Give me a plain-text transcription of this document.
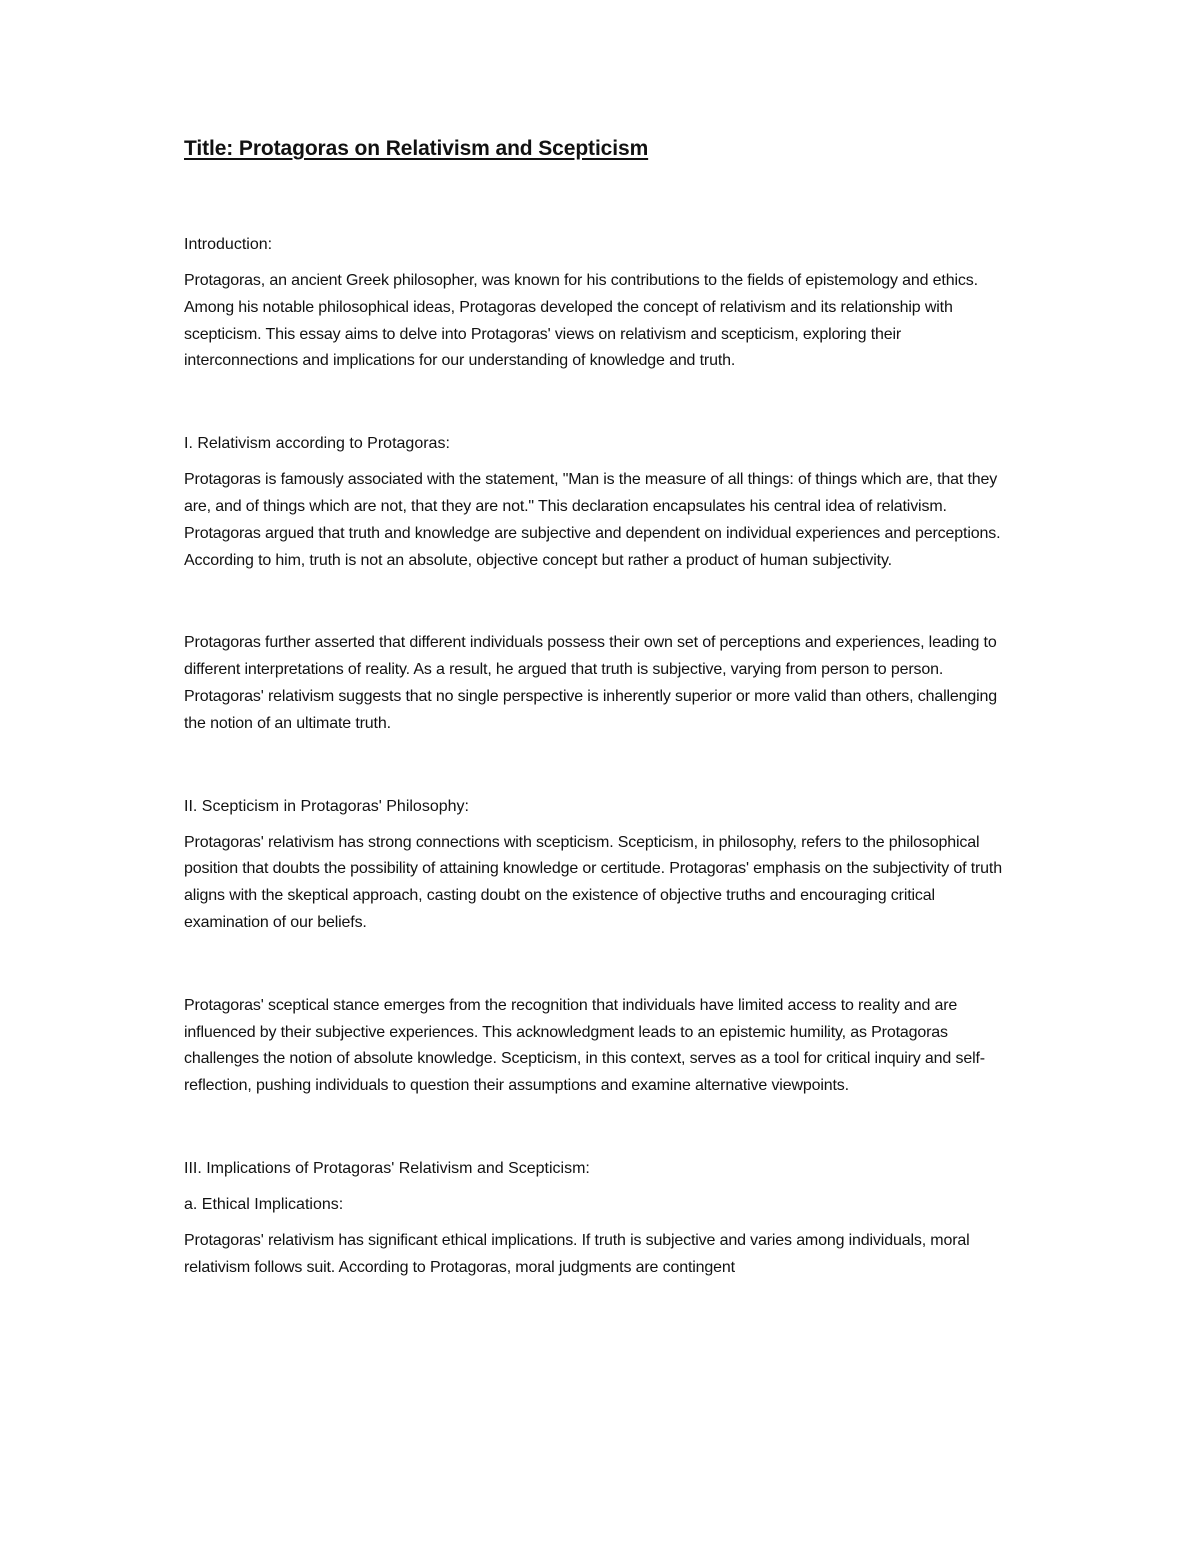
Title: Protagoras on Relativism and Scepticism
Introduction:

Protagoras, an ancient Greek philosopher, was known for his contributions to the fields of epistemology and ethics. Among his notable philosophical ideas, Protagoras developed the concept of relativism and its relationship with scepticism. This essay aims to delve into Protagoras' views on relativism and scepticism, exploring their interconnections and implications for our understanding of knowledge and truth.

I. Relativism according to Protagoras:

Protagoras is famously associated with the statement, "Man is the measure of all things: of things which are, that they are, and of things which are not, that they are not." This declaration encapsulates his central idea of relativism. Protagoras argued that truth and knowledge are subjective and dependent on individual experiences and perceptions. According to him, truth is not an absolute, objective concept but rather a product of human subjectivity.

Protagoras further asserted that different individuals possess their own set of perceptions and experiences, leading to different interpretations of reality. As a result, he argued that truth is subjective, varying from person to person. Protagoras' relativism suggests that no single perspective is inherently superior or more valid than others, challenging the notion of an ultimate truth.

II. Scepticism in Protagoras' Philosophy:

Protagoras' relativism has strong connections with scepticism. Scepticism, in philosophy, refers to the philosophical position that doubts the possibility of attaining knowledge or certitude. Protagoras' emphasis on the subjectivity of truth aligns with the skeptical approach, casting doubt on the existence of objective truths and encouraging critical examination of our beliefs.

Protagoras' sceptical stance emerges from the recognition that individuals have limited access to reality and are influenced by their subjective experiences. This acknowledgment leads to an epistemic humility, as Protagoras challenges the notion of absolute knowledge. Scepticism, in this context, serves as a tool for critical inquiry and self-reflection, pushing individuals to question their assumptions and examine alternative viewpoints.

III. Implications of Protagoras' Relativism and Scepticism:
a. Ethical Implications:

Protagoras' relativism has significant ethical implications. If truth is subjective and varies among individuals, moral relativism follows suit. According to Protagoras, moral judgments are contingent
